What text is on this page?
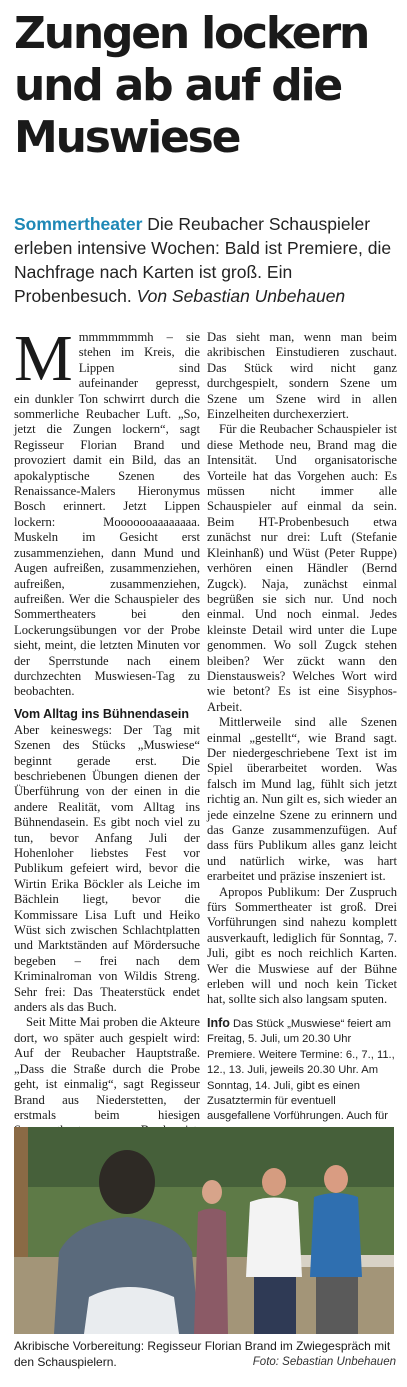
Zungen lockern und ab auf die Muswiese

Sommertheater Die Reubacher Schauspieler erleben intensive Wochen: Bald ist Premiere, die Nachfrage nach Karten ist groß. Ein Probenbesuch. Von Sebastian Unbehauen

M mmmmmmmh – sie stehen im Kreis, die Lippen sind aufeinander gepresst, ein dunkler Ton schwirrt durch die sommerliche Reubacher Luft. „So, jetzt die Zungen lockern“, sagt Regisseur Florian Brand und provoziert damit ein Bild, das an apokalyptische Szenen des Renaissance-Malers Hieronymus Bosch erinnert. Jetzt Lippen lockern: Mooooooaaaaaaaa. Muskeln im Gesicht erst zusammenziehen, dann Mund und Augen aufreißen, zusammenziehen, aufreißen, zusammenziehen, aufreißen. Wer die Schauspieler des Sommertheaters bei den Lockerungsübungen vor der Probe sieht, meint, die letzten Minuten vor der Sperrstunde nach einem durchzechten Muswiesen-Tag zu beobachten.

Vom Alltag ins Bühnendasein

Aber keineswegs: Der Tag mit Szenen des Stücks „Muswiese“ beginnt gerade erst. Die beschriebenen Übungen dienen der Überführung von der einen in die andere Realität, vom Alltag ins Bühnendasein. Es gibt noch viel zu tun, bevor Anfang Juli der Hohenloher liebstes Fest vor Publikum gefeiert wird, bevor die Wirtin Erika Böckler als Leiche im Bächlein liegt, bevor die Kommissare Lisa Luft und Heiko Wüst sich zwischen Schlachtplatten und Marktständen auf Mördersuche begeben – frei nach dem Kriminalroman von Wildis Streng. Sehr frei: Das Theaterstück endet anders als das Buch.

Seit Mitte Mai proben die Akteure dort, wo später auch gespielt wird: Auf der Reubacher Hauptstraße. „Dass die Straße durch die Probe geht, ist einmalig“, sagt Regisseur Brand aus Niederstetten, der erstmals beim hiesigen

Das sieht man, wenn man beim akribischen Einstudieren zuschaut. Das Stück wird nicht ganz durchgespielt, sondern Szene um Szene um Szene wird in allen Einzelheiten durchexerziert.

Für die Reubacher Schauspieler ist diese Methode neu, Brand mag die Intensität. Und organisatorische Vorteile hat das Vorgehen auch: Es müssen nicht immer alle Schauspieler auf einmal da sein. Beim HT-Probenbesuch etwa zunächst nur drei: Luft (Stefanie Kleinhanß) und Wüst (Peter Ruppe) verhören einen Händler (Bernd Zugck). Naja, zunächst einmal begrüßen sie sich nur. Und noch einmal. Und noch einmal. Jedes kleinste Detail wird unter die Lupe genommen. Wo soll Zugck stehen bleiben? Wer zückt wann den Dienstausweis? Welches Wort wird wie betont? Es ist eine Sisyphos-Arbeit.

Mittlerweile sind alle Szenen einmal „gestellt“, wie Brand sagt. Der niedergeschriebene Text ist im Spiel überarbeitet worden. Was falsch im Mund lag, fühlt sich jetzt richtig an. Nun gilt es, sich wieder an jede einzelne Szene zu erinnern und das Ganze zusammenzufügen. Auf dass fürs Publikum alles ganz leicht und natürlich wirke, was hart erarbeitet und präzise inszeniert ist.

Apropos Publikum: Der Zuspruch fürs Sommertheater ist groß. Drei Vorführungen sind nahezu komplett ausverkauft, lediglich für Sonntag, 7. Juli, gibt es noch reichlich Karten. Wer die Muswiese auf der Bühne erleben will und noch kein Ticket hat, sollte sich also langsam sputen.

Info Das Stück „Muswiese“ feiert am Freitag, 5. Juli, um 20.30 Uhr Premiere. Weitere Termine: 6., 7., 11., 12., 13. Juli, jeweils 20.30 Uhr. Am Sonntag, 14. Juli, gibt es einen Zusatztermin für eventuell ausgefallene Vorführungen. Auch für
Akribische Vorbereitung: Regisseur Florian Brand im Zwiegespräch mit den Schauspielern.	Foto: Sebastian Unbehauen
